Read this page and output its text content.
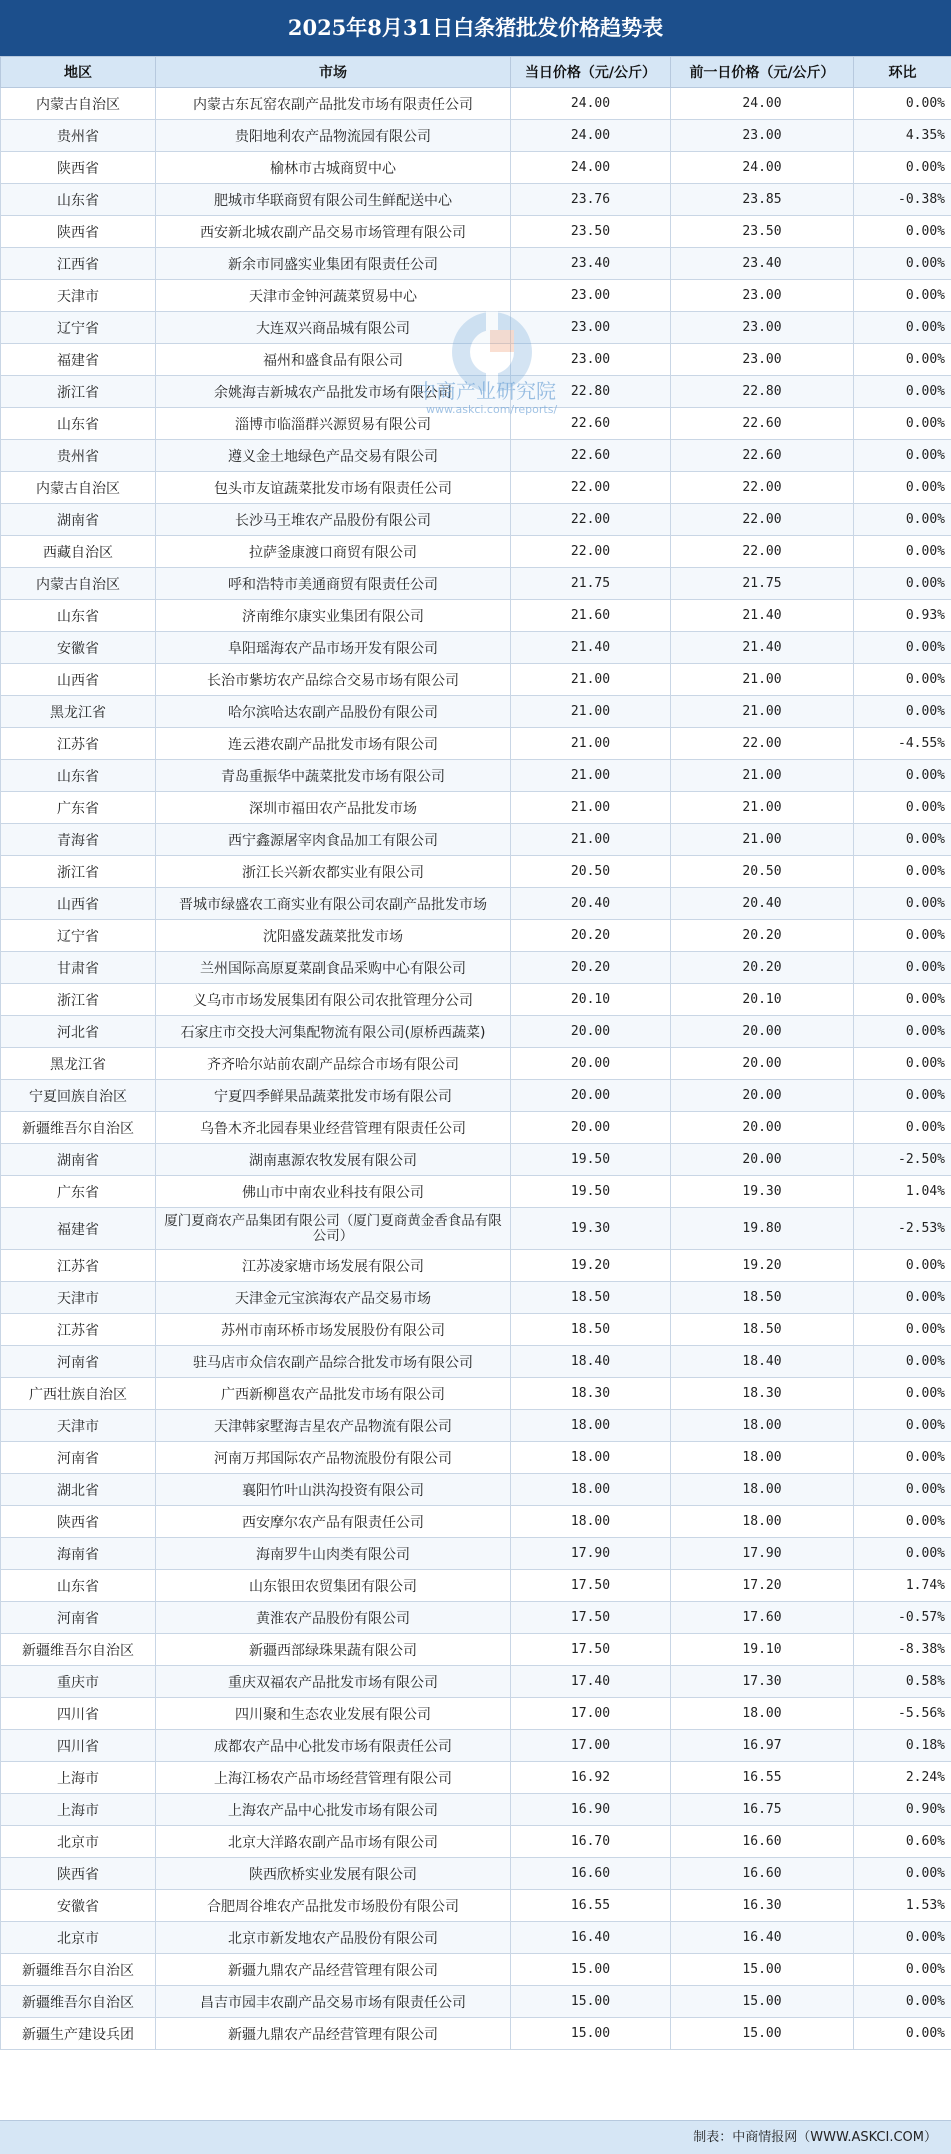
2025年8月31日白条猪批发价格趋势表
地区	市场	当日价格（元/公斤）	前一日价格（元/公斤）	环比
内蒙古自治区	内蒙古东瓦窑农副产品批发市场有限责任公司	24.00	24.00	0.00%
贵州省	贵阳地利农产品物流园有限公司	24.00	23.00	4.35%
陕西省	榆林市古城商贸中心	24.00	24.00	0.00%
山东省	肥城市华联商贸有限公司生鲜配送中心	23.76	23.85	-0.38%
陕西省	西安新北城农副产品交易市场管理有限公司	23.50	23.50	0.00%
江西省	新余市同盛实业集团有限责任公司	23.40	23.40	0.00%
天津市	天津市金钟河蔬菜贸易中心	23.00	23.00	0.00%
辽宁省	大连双兴商品城有限公司	23.00	23.00	0.00%
福建省	福州和盛食品有限公司	23.00	23.00	0.00%
浙江省	余姚海吉新城农产品批发市场有限公司	22.80	22.80	0.00%
山东省	淄博市临淄群兴源贸易有限公司	22.60	22.60	0.00%
贵州省	遵义金土地绿色产品交易有限公司	22.60	22.60	0.00%
内蒙古自治区	包头市友谊蔬菜批发市场有限责任公司	22.00	22.00	0.00%
湖南省	长沙马王堆农产品股份有限公司	22.00	22.00	0.00%
西藏自治区	拉萨釜康渡口商贸有限公司	22.00	22.00	0.00%
内蒙古自治区	呼和浩特市美通商贸有限责任公司	21.75	21.75	0.00%
山东省	济南维尔康实业集团有限公司	21.60	21.40	0.93%
安徽省	阜阳瑶海农产品市场开发有限公司	21.40	21.40	0.00%
山西省	长治市紫坊农产品综合交易市场有限公司	21.00	21.00	0.00%
黑龙江省	哈尔滨哈达农副产品股份有限公司	21.00	21.00	0.00%
江苏省	连云港农副产品批发市场有限公司	21.00	22.00	-4.55%
山东省	青岛重振华中蔬菜批发市场有限公司	21.00	21.00	0.00%
广东省	深圳市福田农产品批发市场	21.00	21.00	0.00%
青海省	西宁鑫源屠宰肉食品加工有限公司	21.00	21.00	0.00%
浙江省	浙江长兴新农都实业有限公司	20.50	20.50	0.00%
山西省	晋城市绿盛农工商实业有限公司农副产品批发市场	20.40	20.40	0.00%
辽宁省	沈阳盛发蔬菜批发市场	20.20	20.20	0.00%
甘肃省	兰州国际高原夏菜副食品采购中心有限公司	20.20	20.20	0.00%
浙江省	义乌市市场发展集团有限公司农批管理分公司	20.10	20.10	0.00%
河北省	石家庄市交投大河集配物流有限公司(原桥西蔬菜)	20.00	20.00	0.00%
黑龙江省	齐齐哈尔站前农副产品综合市场有限公司	20.00	20.00	0.00%
宁夏回族自治区	宁夏四季鲜果品蔬菜批发市场有限公司	20.00	20.00	0.00%
新疆维吾尔自治区	乌鲁木齐北园春果业经营管理有限责任公司	20.00	20.00	0.00%
湖南省	湖南惠源农牧发展有限公司	19.50	20.00	-2.50%
广东省	佛山市中南农业科技有限公司	19.50	19.30	1.04%
福建省	厦门夏商农产品集团有限公司（厦门夏商黄金香食品有限公司）	19.30	19.80	-2.53%
江苏省	江苏凌家塘市场发展有限公司	19.20	19.20	0.00%
天津市	天津金元宝滨海农产品交易市场	18.50	18.50	0.00%
江苏省	苏州市南环桥市场发展股份有限公司	18.50	18.50	0.00%
河南省	驻马店市众信农副产品综合批发市场有限公司	18.40	18.40	0.00%
广西壮族自治区	广西新柳邕农产品批发市场有限公司	18.30	18.30	0.00%
天津市	天津韩家墅海吉星农产品物流有限公司	18.00	18.00	0.00%
河南省	河南万邦国际农产品物流股份有限公司	18.00	18.00	0.00%
湖北省	襄阳竹叶山洪沟投资有限公司	18.00	18.00	0.00%
陕西省	西安摩尔农产品有限责任公司	18.00	18.00	0.00%
海南省	海南罗牛山肉类有限公司	17.90	17.90	0.00%
山东省	山东银田农贸集团有限公司	17.50	17.20	1.74%
河南省	黄淮农产品股份有限公司	17.50	17.60	-0.57%
新疆维吾尔自治区	新疆西部绿珠果蔬有限公司	17.50	19.10	-8.38%
重庆市	重庆双福农产品批发市场有限公司	17.40	17.30	0.58%
四川省	四川聚和生态农业发展有限公司	17.00	18.00	-5.56%
四川省	成都农产品中心批发市场有限责任公司	17.00	16.97	0.18%
上海市	上海江杨农产品市场经营管理有限公司	16.92	16.55	2.24%
上海市	上海农产品中心批发市场有限公司	16.90	16.75	0.90%
北京市	北京大洋路农副产品市场有限公司	16.70	16.60	0.60%
陕西省	陕西欣桥实业发展有限公司	16.60	16.60	0.00%
安徽省	合肥周谷堆农产品批发市场股份有限公司	16.55	16.30	1.53%
北京市	北京市新发地农产品股份有限公司	16.40	16.40	0.00%
新疆维吾尔自治区	新疆九鼎农产品经营管理有限公司	15.00	15.00	0.00%
新疆维吾尔自治区	昌吉市园丰农副产品交易市场有限责任公司	15.00	15.00	0.00%
新疆生产建设兵团	新疆九鼎农产品经营管理有限公司	15.00	15.00	0.00%
中商产业研究院
www.askci.com/reports/
制表：中商情报网（WWW.ASKCI.COM）
